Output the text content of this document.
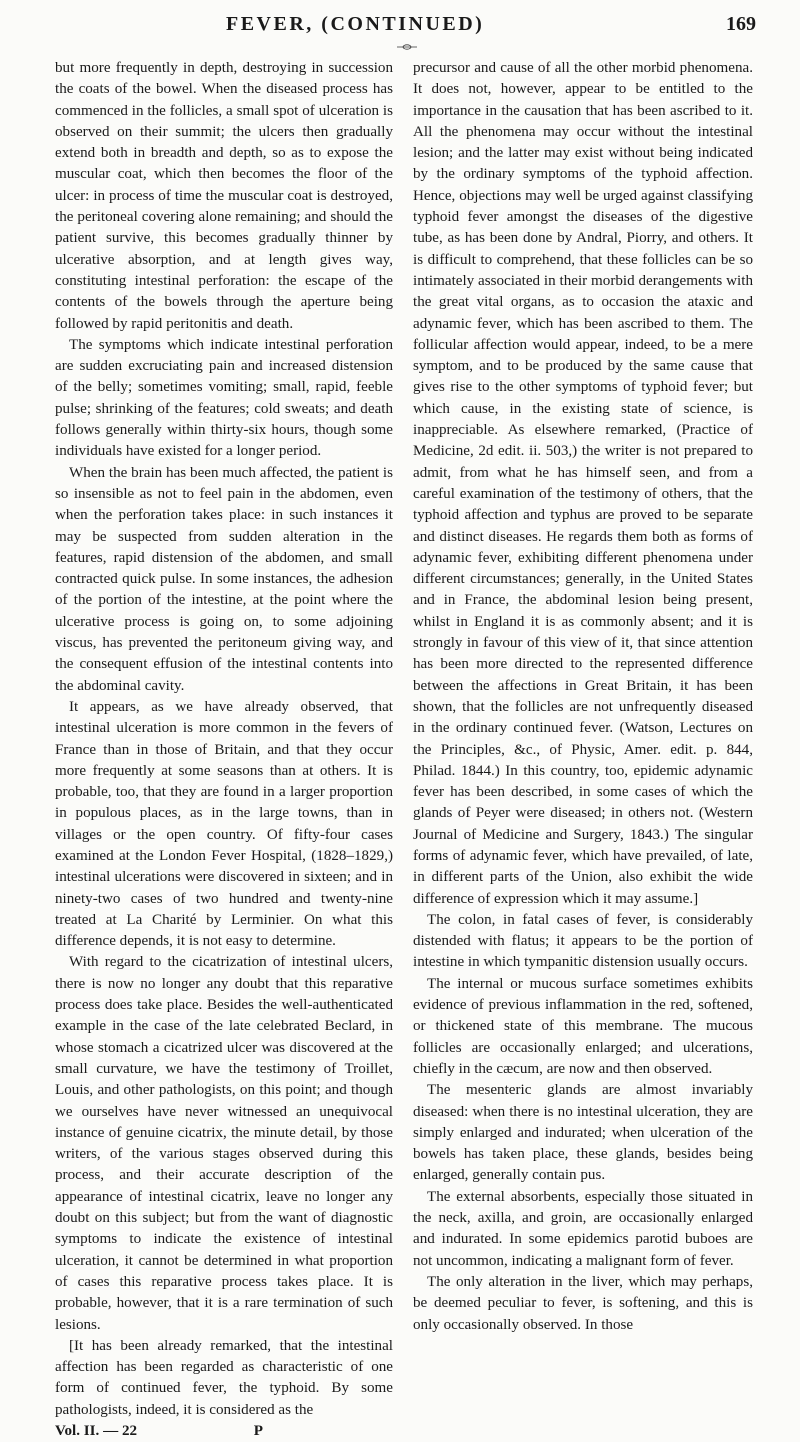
FEVER, (CONTINUED)	169

but more frequently in depth, destroying in succession the coats of the bowel. When the diseased process has commenced in the follicles, a small spot of ulceration is observed on their summit; the ulcers then gradually extend both in breadth and depth, so as to expose the muscular coat, which then becomes the floor of the ulcer: in process of time the muscular coat is destroyed, the peritoneal covering alone remaining; and should the patient survive, this becomes gradually thinner by ulcerative absorption, and at length gives way, constituting intestinal perforation: the escape of the contents of the bowels through the aperture being followed by rapid peritonitis and death.

The symptoms which indicate intestinal perforation are sudden excruciating pain and increased distension of the belly; sometimes vomiting; small, rapid, feeble pulse; shrinking of the features; cold sweats; and death follows generally within thirty-six hours, though some individuals have existed for a longer period.

When the brain has been much affected, the patient is so insensible as not to feel pain in the abdomen, even when the perforation takes place: in such instances it may be suspected from sudden alteration in the features, rapid distension of the abdomen, and small contracted quick pulse. In some instances, the adhesion of the portion of the intestine, at the point where the ulcerative process is going on, to some adjoining viscus, has prevented the peritoneum giving way, and the consequent effusion of the intestinal contents into the abdominal cavity.

It appears, as we have already observed, that intestinal ulceration is more common in the fevers of France than in those of Britain, and that they occur more frequently at some seasons than at others. It is probable, too, that they are found in a larger proportion in populous places, as in the large towns, than in villages or the open country. Of fifty-four cases examined at the London Fever Hospital, (1828–1829,) intestinal ulcerations were discovered in sixteen; and in ninety-two cases of two hundred and twenty-nine treated at La Charité by Lerminier. On what this difference depends, it is not easy to determine.

With regard to the cicatrization of intestinal ulcers, there is now no longer any doubt that this reparative process does take place. Besides the well-authenticated example in the case of the late celebrated Beclard, in whose stomach a cicatrized ulcer was discovered at the small curvature, we have the testimony of Troillet, Louis, and other pathologists, on this point; and though we ourselves have never witnessed an unequivocal instance of genuine cicatrix, the minute detail, by those writers, of the various stages observed during this process, and their accurate description of the appearance of intestinal cicatrix, leave no longer any doubt on this subject; but from the want of diagnostic symptoms to indicate the existence of intestinal ulceration, it cannot be determined in what proportion of cases this reparative process takes place. It is probable, however, that it is a rare termination of such lesions.

[It has been already remarked, that the intestinal affection has been regarded as characteristic of one form of continued fever, the typhoid. By some pathologists, indeed, it is considered as the

Vol. II. — 22	P

precursor and cause of all the other morbid phenomena. It does not, however, appear to be entitled to the importance in the causation that has been ascribed to it. All the phenomena may occur without the intestinal lesion; and the latter may exist without being indicated by the ordinary symptoms of the typhoid affection. Hence, objections may well be urged against classifying typhoid fever amongst the diseases of the digestive tube, as has been done by Andral, Piorry, and others. It is difficult to comprehend, that these follicles can be so intimately associated in their morbid derangements with the great vital organs, as to occasion the ataxic and adynamic fever, which has been ascribed to them. The follicular affection would appear, indeed, to be a mere symptom, and to be produced by the same cause that gives rise to the other symptoms of typhoid fever; but which cause, in the existing state of science, is inappreciable. As elsewhere remarked, (Practice of Medicine, 2d edit. ii. 503,) the writer is not prepared to admit, from what he has himself seen, and from a careful examination of the testimony of others, that the typhoid affection and typhus are proved to be separate and distinct diseases. He regards them both as forms of adynamic fever, exhibiting different phenomena under different circumstances; generally, in the United States and in France, the abdominal lesion being present, whilst in England it is as commonly absent; and it is strongly in favour of this view of it, that since attention has been more directed to the represented difference between the affections in Great Britain, it has been shown, that the follicles are not unfrequently diseased in the ordinary continued fever. (Watson, Lectures on the Principles, &c., of Physic, Amer. edit. p. 844, Philad. 1844.) In this country, too, epidemic adynamic fever has been described, in some cases of which the glands of Peyer were diseased; in others not. (Western Journal of Medicine and Surgery, 1843.) The singular forms of adynamic fever, which have prevailed, of late, in different parts of the Union, also exhibit the wide difference of expression which it may assume.]

The colon, in fatal cases of fever, is considerably distended with flatus; it appears to be the portion of intestine in which tympanitic distension usually occurs.

The internal or mucous surface sometimes exhibits evidence of previous inflammation in the red, softened, or thickened state of this membrane. The mucous follicles are occasionally enlarged; and ulcerations, chiefly in the cæcum, are now and then observed.

The mesenteric glands are almost invariably diseased: when there is no intestinal ulceration, they are simply enlarged and indurated; when ulceration of the bowels has taken place, these glands, besides being enlarged, generally contain pus.

The external absorbents, especially those situated in the neck, axilla, and groin, are occasionally enlarged and indurated. In some epidemics parotid buboes are not uncommon, indicating a malignant form of fever.

The only alteration in the liver, which may perhaps, be deemed peculiar to fever, is softening, and this is only occasionally observed. In those
